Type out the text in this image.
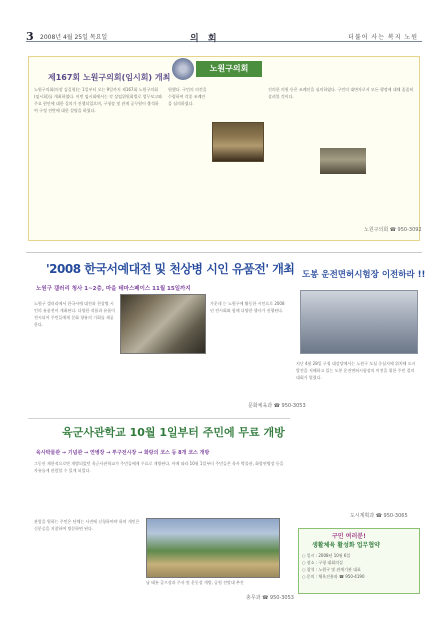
3 2008년 4월 25일 목요일	의 회	더불어 사는 복지 노원
제167회 노원구의회(임시회) 개최
노원구의회
노원구의회(의장 김길형)는 1일부터 오는 9일까지 제167회 노원구의회(임시회)를 개최하였다. 이번 임시회에서는 각 상임위원회별로 업무보고와 주요 현안에 대한 질의가 진행되었으며, 구청장 및 관계 공무원이 출석하여 구정 전반에 대한 설명을 하였다.
원했다. 구민의 의견을 수렴하여 각종 조례안을 심의하였다.
건의한 의원 등은 조례안을 심의하였다. 구민의 대변자로서 모든 행정에 대해 꼼꼼히 살펴볼 것이다.
노원구의회 ☎ 950-3092
'2008 한국서예대전 및 천상병 시인 유품전' 개최
노원구 갤러리 청사 1~2층, 마을 테마스페이스 11월 15일까지
노원구 갤러리에서 한국서예 대전과 천상병 시인의 유품전이 개최된다. 다양한 작품과 유품이 전시되어 주민들에게 문화 향유의 기회를 제공한다.
가운데 는 노원구에 활동한 시인으로 2008년 전시회와 함께 다양한 행사가 진행된다.
문화체육과 ☎ 950-3053
도봉 운전면허시험장 이전하라 !!
지난 4월 28일 구청 대강당에서는 노원구 도심 중심지에 위치해 도시 발전을 저해하고 있는 도봉 운전면허시험장의 이전을 위한 주민 결의대회가 열렸다.
도시계획과 ☎ 950-3065
육군사관학교 10월 1일부터 주민에 무료 개방
육사박물관 → 기념관 → 연병장 → 투구전시장 → 화랑의 코스 등 8개 코스 개방
그동안 제한적으로만 개방되었던 육군사관학교가 주민들에게 무료로 개방된다. 이에 따라 10월 1일부터 주민들은 육사 박물관, 화랑연병장 등을 자유롭게 관람할 수 있게 되었다.
관람을 원하는 주민은 단체는 사전에 신청하여야 하며 개인은 신분증을 지참하여 방문하면 된다.
남 태릉 골프장과 주자 및 운동장 개방, 공원 전망대 추진
총무과 ☎ 950-3053
구민 여러분!
생활체육 활성화 업무협약
○ 일시 : 2008년 10월 6일
○ 장소 : 구청 대회의실
○ 참석 : 노원구 및 관계기관 대표
○ 문의 : 체육진흥과 ☎ 950-4190
